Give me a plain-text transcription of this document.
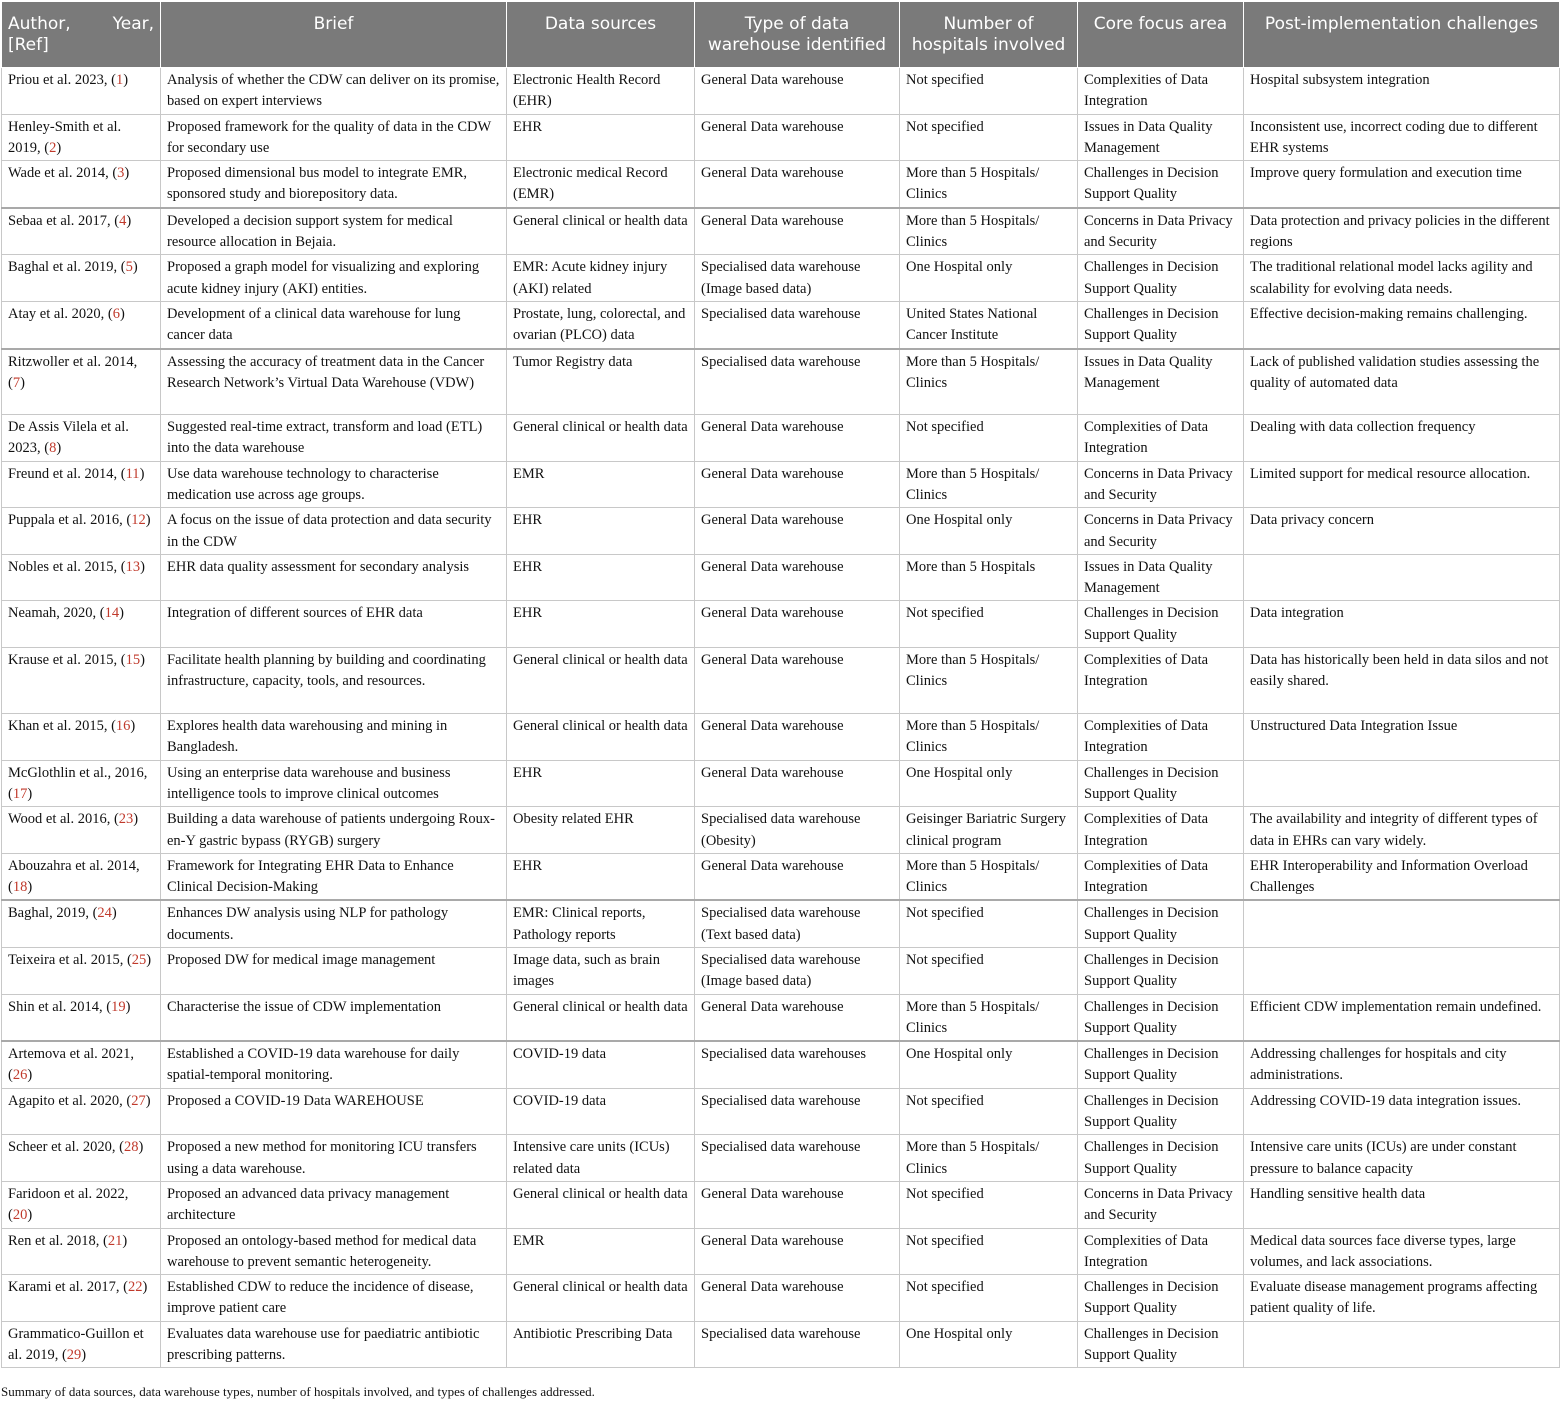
Author, Year, [Ref]	Brief	Data sources	Type of data warehouse identified	Number of hospitals involved	Core focus area	Post-implementation challenges
Priou et al. 2023, (1)	Analysis of whether the CDW can deliver on its promise, based on expert interviews	Electronic Health Record (EHR)	General Data warehouse	Not specified	Complexities of Data Integration	Hospital subsystem integration
Henley-Smith et al. 2019, (2)	Proposed framework for the quality of data in the CDW for secondary use	EHR	General Data warehouse	Not specified	Issues in Data Quality Management	Inconsistent use, incorrect coding due to different EHR systems
Wade et al. 2014, (3)	Proposed dimensional bus model to integrate EMR, sponsored study and biorepository data.	Electronic medical Record (EMR)	General Data warehouse	More than 5 Hospitals/ Clinics	Challenges in Decision Support Quality	Improve query formulation and execution time
Sebaa et al. 2017, (4)	Developed a decision support system for medical resource allocation in Bejaia.	General clinical or health data	General Data warehouse	More than 5 Hospitals/ Clinics	Concerns in Data Privacy and Security	Data protection and privacy policies in the different regions
Baghal et al. 2019, (5)	Proposed a graph model for visualizing and exploring acute kidney injury (AKI) entities.	EMR: Acute kidney injury (AKI) related	Specialised data warehouse (Image based data)	One Hospital only	Challenges in Decision Support Quality	The traditional relational model lacks agility and scalability for evolving data needs.
Atay et al. 2020, (6)	Development of a clinical data warehouse for lung cancer data	Prostate, lung, colorectal, and ovarian (PLCO) data	Specialised data warehouse	United States National Cancer Institute	Challenges in Decision Support Quality	Effective decision-making remains challenging.
Ritzwoller et al. 2014, (7)	Assessing the accuracy of treatment data in the Cancer Research Network’s Virtual Data Warehouse (VDW)	Tumor Registry data	Specialised data warehouse	More than 5 Hospitals/ Clinics	Issues in Data Quality Management	Lack of published validation studies assessing the quality of automated data
De Assis Vilela et al. 2023, (8)	Suggested real-time extract, transform and load (ETL) into the data warehouse	General clinical or health data	General Data warehouse	Not specified	Complexities of Data Integration	Dealing with data collection frequency
Freund et al. 2014, (11)	Use data warehouse technology to characterise medication use across age groups.	EMR	General Data warehouse	More than 5 Hospitals/ Clinics	Concerns in Data Privacy and Security	Limited support for medical resource allocation.
Puppala et al. 2016, (12)	A focus on the issue of data protection and data security in the CDW	EHR	General Data warehouse	One Hospital only	Concerns in Data Privacy and Security	Data privacy concern
Nobles et al. 2015, (13)	EHR data quality assessment for secondary analysis	EHR	General Data warehouse	More than 5 Hospitals	Issues in Data Quality Management	
Neamah, 2020, (14)	Integration of different sources of EHR data	EHR	General Data warehouse	Not specified	Challenges in Decision Support Quality	Data integration
Krause et al. 2015, (15)	Facilitate health planning by building and coordinating infrastructure, capacity, tools, and resources.	General clinical or health data	General Data warehouse	More than 5 Hospitals/ Clinics	Complexities of Data Integration	Data has historically been held in data silos and not easily shared.
Khan et al. 2015, (16)	Explores health data warehousing and mining in Bangladesh.	General clinical or health data	General Data warehouse	More than 5 Hospitals/ Clinics	Complexities of Data Integration	Unstructured Data Integration Issue
McGlothlin et al., 2016, (17)	Using an enterprise data warehouse and business intelligence tools to improve clinical outcomes	EHR	General Data warehouse	One Hospital only	Challenges in Decision Support Quality	
Wood et al. 2016, (23)	Building a data warehouse of patients undergoing Roux-en-Y gastric bypass (RYGB) surgery	Obesity related EHR	Specialised data warehouse (Obesity)	Geisinger Bariatric Surgery clinical program	Complexities of Data Integration	The availability and integrity of different types of data in EHRs can vary widely.
Abouzahra et al. 2014, (18)	Framework for Integrating EHR Data to Enhance Clinical Decision-Making	EHR	General Data warehouse	More than 5 Hospitals/ Clinics	Complexities of Data Integration	EHR Interoperability and Information Overload Challenges
Baghal, 2019, (24)	Enhances DW analysis using NLP for pathology documents.	EMR: Clinical reports, Pathology reports	Specialised data warehouse (Text based data)	Not specified	Challenges in Decision Support Quality	
Teixeira et al. 2015, (25)	Proposed DW for medical image management	Image data, such as brain images	Specialised data warehouse (Image based data)	Not specified	Challenges in Decision Support Quality	
Shin et al. 2014, (19)	Characterise the issue of CDW implementation	General clinical or health data	General Data warehouse	More than 5 Hospitals/ Clinics	Challenges in Decision Support Quality	Efficient CDW implementation remain undefined.
Artemova et al. 2021, (26)	Established a COVID-19 data warehouse for daily spatial-temporal monitoring.	COVID-19 data	Specialised data warehouses	One Hospital only	Challenges in Decision Support Quality	Addressing challenges for hospitals and city administrations.
Agapito et al. 2020, (27)	Proposed a COVID-19 Data WAREHOUSE	COVID-19 data	Specialised data warehouse	Not specified	Challenges in Decision Support Quality	Addressing COVID-19 data integration issues.
Scheer et al. 2020, (28)	Proposed a new method for monitoring ICU transfers using a data warehouse.	Intensive care units (ICUs) related data	Specialised data warehouse	More than 5 Hospitals/ Clinics	Challenges in Decision Support Quality	Intensive care units (ICUs) are under constant pressure to balance capacity
Faridoon et al. 2022, (20)	Proposed an advanced data privacy management architecture	General clinical or health data	General Data warehouse	Not specified	Concerns in Data Privacy and Security	Handling sensitive health data
Ren et al. 2018, (21)	Proposed an ontology-based method for medical data warehouse to prevent semantic heterogeneity.	EMR	General Data warehouse	Not specified	Complexities of Data Integration	Medical data sources face diverse types, large volumes, and lack associations.
Karami et al. 2017, (22)	Established CDW to reduce the incidence of disease, improve patient care	General clinical or health data	General Data warehouse	Not specified	Challenges in Decision Support Quality	Evaluate disease management programs affecting patient quality of life.
Grammatico-Guillon et al. 2019, (29)	Evaluates data warehouse use for paediatric antibiotic prescribing patterns.	Antibiotic Prescribing Data	Specialised data warehouse	One Hospital only	Challenges in Decision Support Quality	
Summary of data sources, data warehouse types, number of hospitals involved, and types of challenges addressed.
